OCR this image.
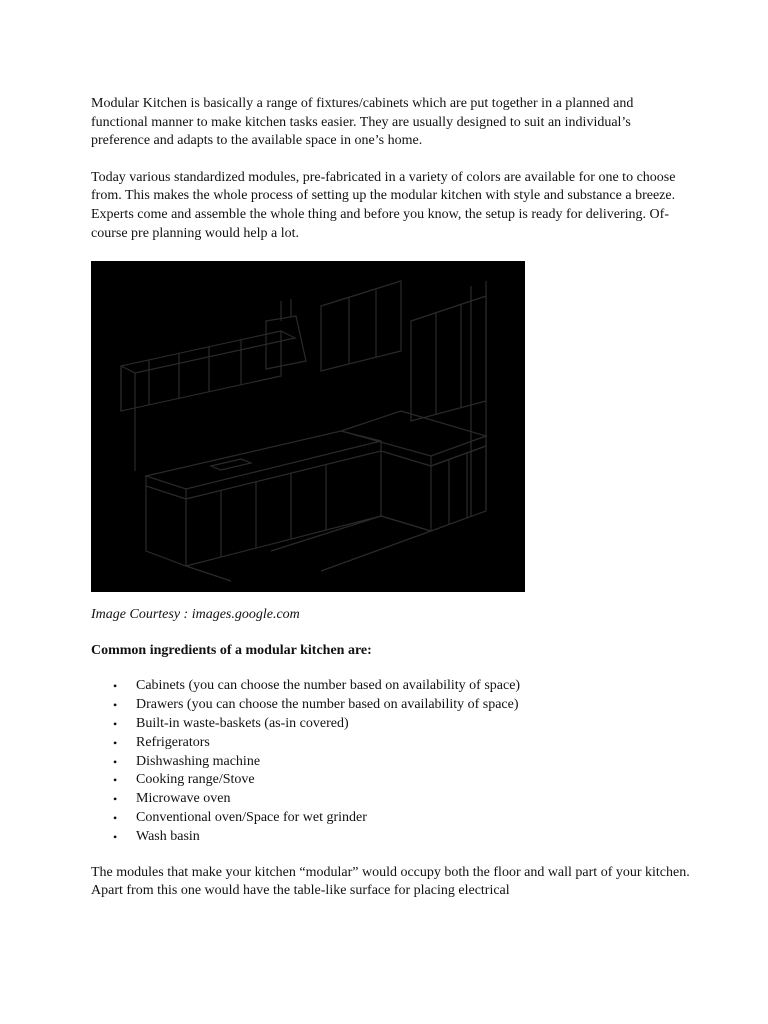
Modular Kitchen is basically a range of fixtures/cabinets which are put together in a planned and functional manner to make kitchen tasks easier. They are usually designed to suit an individual’s preference and adapts to the available space in one’s home.

Today various standardized modules, pre-fabricated in a variety of colors are available for one to choose from. This makes the whole process of setting up the modular kitchen with style and substance a breeze. Experts come and assemble the whole thing and before you know, the setup is ready for delivering. Of-course pre planning would help a lot.

Image Courtesy : images.google.com

Common ingredients of a modular kitchen are:

• Cabinets (you can choose the number based on availability of space)
• Drawers (you can choose the number based on availability of space)
• Built-in waste-baskets (as-in covered)
• Refrigerators
• Dishwashing machine
• Cooking range/Stove
• Microwave oven
• Conventional oven/Space for wet grinder
• Wash basin

The modules that make your kitchen “modular” would occupy both the floor and wall part of your kitchen. Apart from this one would have the table-like surface for placing electrical
